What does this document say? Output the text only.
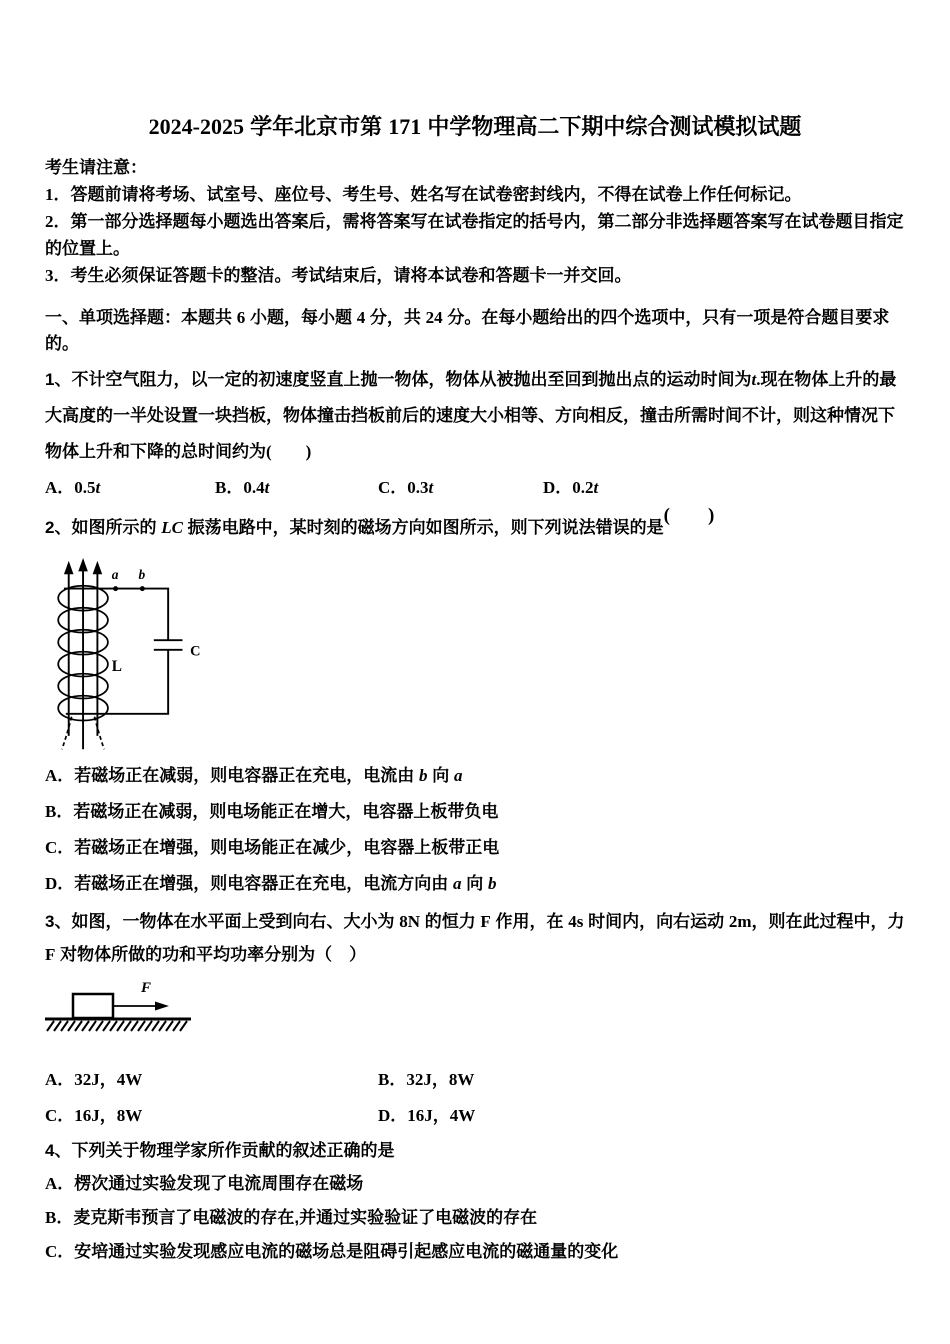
2024-2025 学年北京市第 171 中学物理高二下期中综合测试模拟试题

考生请注意：

1．答题前请将考场、试室号、座位号、考生号、姓名写在试卷密封线内，不得在试卷上作任何标记。

2．第一部分选择题每小题选出答案后，需将答案写在试卷指定的括号内，第二部分非选择题答案写在试卷题目指定的位置上。

3．考生必须保证答题卡的整洁。考试结束后，请将本试卷和答题卡一并交回。

一、单项选择题：本题共 6 小题，每小题 4 分，共 24 分。在每小题给出的四个选项中，只有一项是符合题目要求的。

1、不计空气阻力，以一定的初速度竖直上抛一物体，物体从被抛出至回到抛出点的运动时间为t.现在物体上升的最大高度的一半处设置一块挡板，物体撞击挡板前后的速度大小相等、方向相反，撞击所需时间不计，则这种情况下物体上升和下降的总时间约为(　　)

A．0.5t	B．0.4t	C．0.3t	D．0.2t

2、如图所示的 LC 振荡电路中，某时刻的磁场方向如图所示，则下列说法错误的是(　　)

a b
L
C

A．若磁场正在减弱，则电容器正在充电，电流由 b 向 a

B．若磁场正在减弱，则电场能正在增大，电容器上板带负电

C．若磁场正在增强，则电场能正在减少，电容器上板带正电

D．若磁场正在增强，则电容器正在充电，电流方向由 a 向 b

3、如图，一物体在水平面上受到向右、大小为 8N 的恒力 F 作用，在 4s 时间内，向右运动 2m，则在此过程中，力 F 对物体所做的功和平均功率分别为（　）

F
A．32J，4W	B．32J，8W
C．16J，8W	D．16J，4W

4、下列关于物理学家所作贡献的叙述正确的是

A．楞次通过实验发现了电流周围存在磁场

B．麦克斯韦预言了电磁波的存在,并通过实验验证了电磁波的存在

C．安培通过实验发现感应电流的磁场总是阻碍引起感应电流的磁通量的变化
